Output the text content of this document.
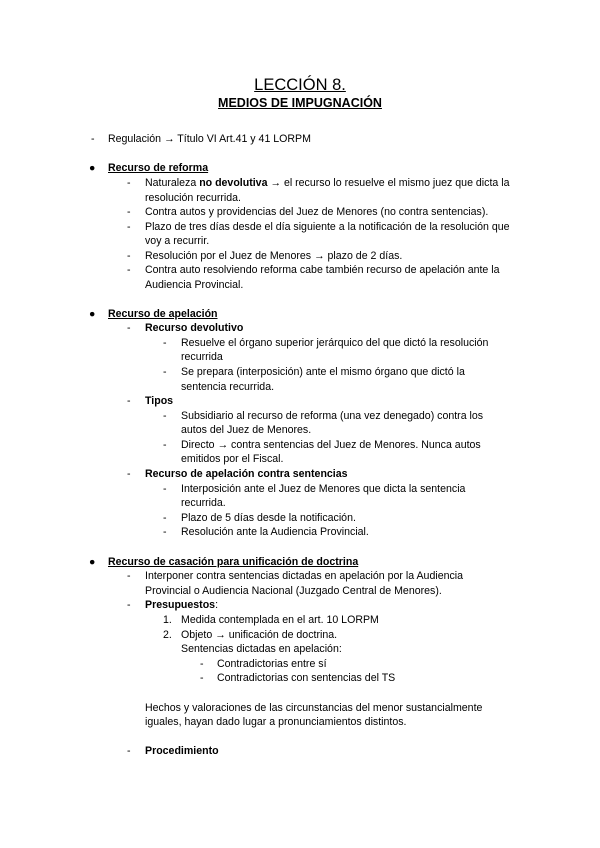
LECCIÓN 8.
MEDIOS DE IMPUGNACIÓN
- Regulación → Título VI Art.41 y 41 LORPM
● Recurso de reforma
- Naturaleza no devolutiva → el recurso lo resuelve el mismo juez que dicta la
resolución recurrida.
- Contra autos y providencias del Juez de Menores (no contra sentencias).
- Plazo de tres días desde el día siguiente a la notificación de la resolución que
voy a recurrir.
- Resolución por el Juez de Menores → plazo de 2 días.
- Contra auto resolviendo reforma cabe también recurso de apelación ante la
Audiencia Provincial.
● Recurso de apelación
- Recurso devolutivo
- Resuelve el órgano superior jerárquico del que dictó la resolución
recurrida
- Se prepara (interposición) ante el mismo órgano que dictó la
sentencia recurrida.
- Tipos
- Subsidiario al recurso de reforma (una vez denegado) contra los
autos del Juez de Menores.
- Directo → contra sentencias del Juez de Menores. Nunca autos
emitidos por el Fiscal.
- Recurso de apelación contra sentencias
- Interposición ante el Juez de Menores que dicta la sentencia
recurrida.
- Plazo de 5 días desde la notificación.
- Resolución ante la Audiencia Provincial.
● Recurso de casación para unificación de doctrina
- Interponer contra sentencias dictadas en apelación por la Audiencia
Provincial o Audiencia Nacional (Juzgado Central de Menores).
- Presupuestos:
1. Medida contemplada en el art. 10 LORPM
2. Objeto → unificación de doctrina.
Sentencias dictadas en apelación:
- Contradictorias entre sí
- Contradictorias con sentencias del TS
Hechos y valoraciones de las circunstancias del menor sustancialmente
iguales, hayan dado lugar a pronunciamientos distintos.
- Procedimiento
